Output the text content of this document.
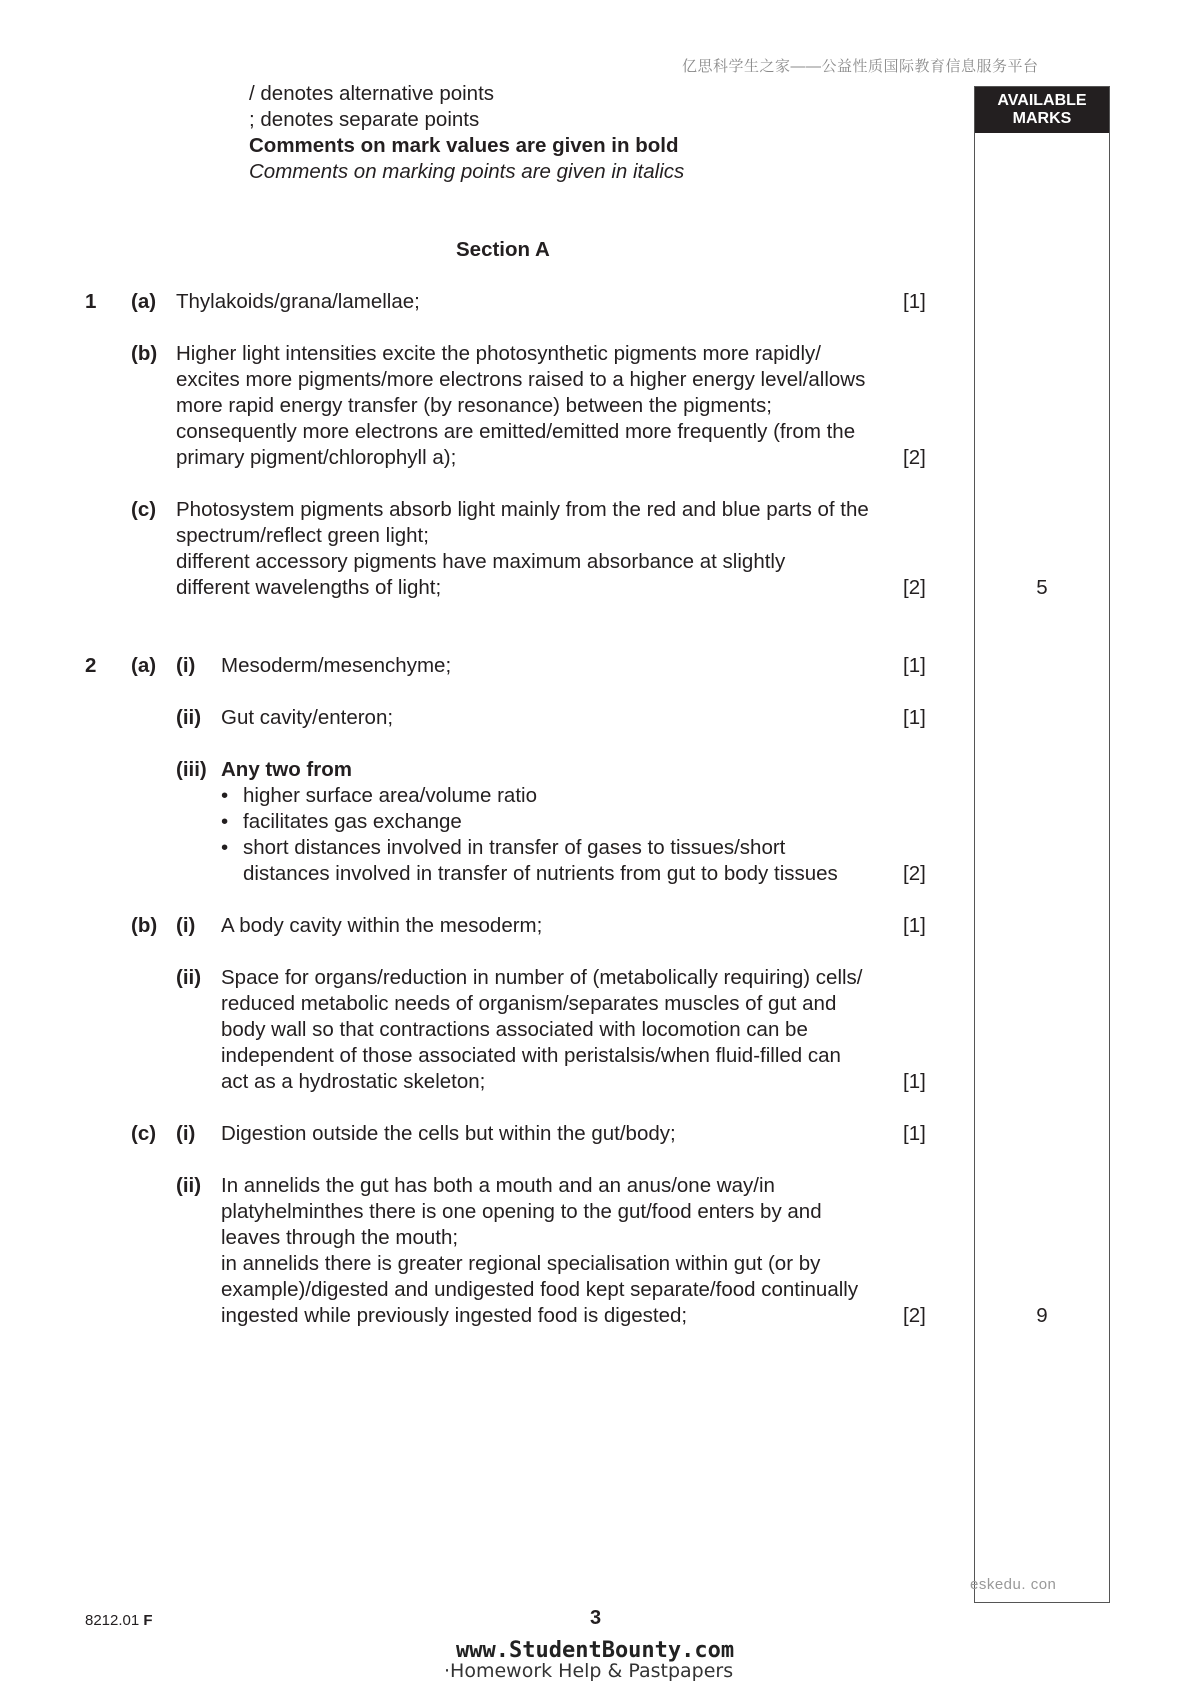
亿思科学生之家——公益性质国际教育信息服务平台
/ denotes alternative points
; denotes separate points
Comments on mark values are given in bold
Comments on marking points are given in italics
AVAILABLE
MARKS
Section A
1 (a) Thylakoids/grana/lamellae;	[1]
(b) Higher light intensities excite the photosynthetic pigments more rapidly/
excites more pigments/more electrons raised to a higher energy level/allows
more rapid energy transfer (by resonance) between the pigments;
consequently more electrons are emitted/emitted more frequently (from the
primary pigment/chlorophyll a);	[2]
(c) Photosystem pigments absorb light mainly from the red and blue parts of the
spectrum/reflect green light;
different accessory pigments have maximum absorbance at slightly
different wavelengths of light;	[2]	5
2 (a) (i) Mesoderm/mesenchyme;	[1]
(ii) Gut cavity/enteron;	[1]
(iii) Any two from
• higher surface area/volume ratio
• facilitates gas exchange
• short distances involved in transfer of gases to tissues/short
distances involved in transfer of nutrients from gut to body tissues	[2]
(b) (i) A body cavity within the mesoderm;	[1]
(ii) Space for organs/reduction in number of (metabolically requiring) cells/
reduced metabolic needs of organism/separates muscles of gut and
body wall so that contractions associated with locomotion can be
independent of those associated with peristalsis/when fluid-filled can
act as a hydrostatic skeleton;	[1]
(c) (i) Digestion outside the cells but within the gut/body;	[1]
(ii) In annelids the gut has both a mouth and an anus/one way/in
platyhelminthes there is one opening to the gut/food enters by and
leaves through the mouth;
in annelids there is greater regional specialisation within gut (or by
example)/digested and undigested food kept separate/food continually
ingested while previously ingested food is digested;	[2]	9
eskedu. con
8212.01 F	3
www.StudentBounty.com
·Homework Help & Pastpapers
